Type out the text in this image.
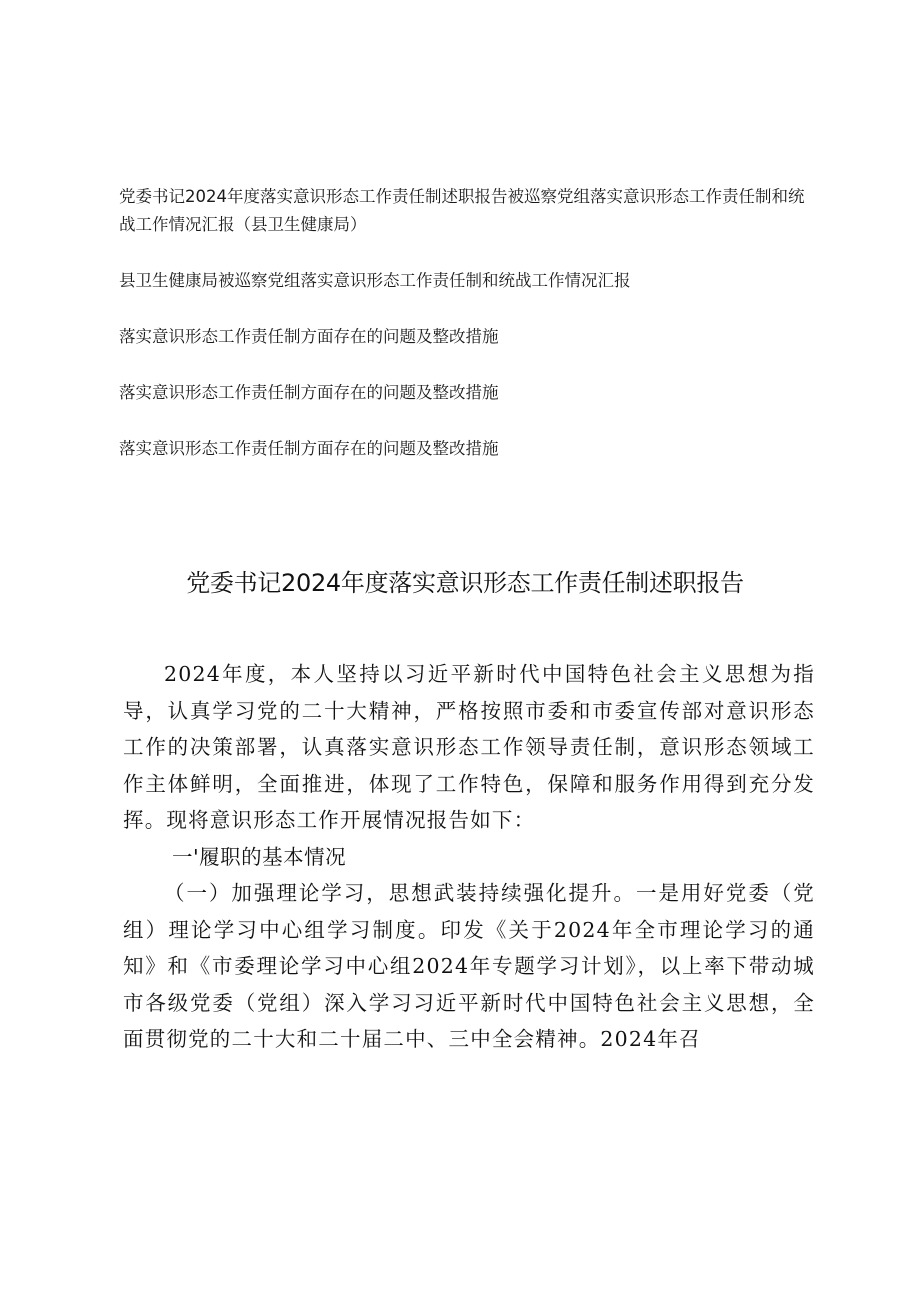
党委书记2024年度落实意识形态工作责任制述职报告被巡察党组落实意识形态工作责任制和统战工作情况汇报（县卫生健康局）
县卫生健康局被巡察党组落实意识形态工作责任制和统战工作情况汇报
落实意识形态工作责任制方面存在的问题及整改措施
落实意识形态工作责任制方面存在的问题及整改措施
落实意识形态工作责任制方面存在的问题及整改措施
党委书记2024年度落实意识形态工作责任制述职报告

2024年度，本人坚持以习近平新时代中国特色社会主义思想为指导，认真学习党的二十大精神，严格按照市委和市委宣传部对意识形态工作的决策部署，认真落实意识形态工作领导责任制，意识形态领域工作主体鲜明，全面推进，体现了工作特色，保障和服务作用得到充分发挥。现将意识形态工作开展情况报告如下：

一'履职的基本情况

（一）加强理论学习，思想武装持续强化提升。一是用好党委（党组）理论学习中心组学习制度。印发《关于2024年全市理论学习的通知》和《市委理论学习中心组2024年专题学习计划》，以上率下带动城市各级党委（党组）深入学习习近平新时代中国特色社会主义思想，全面贯彻党的二十大和二十届二中、三中全会精神。2024年召
